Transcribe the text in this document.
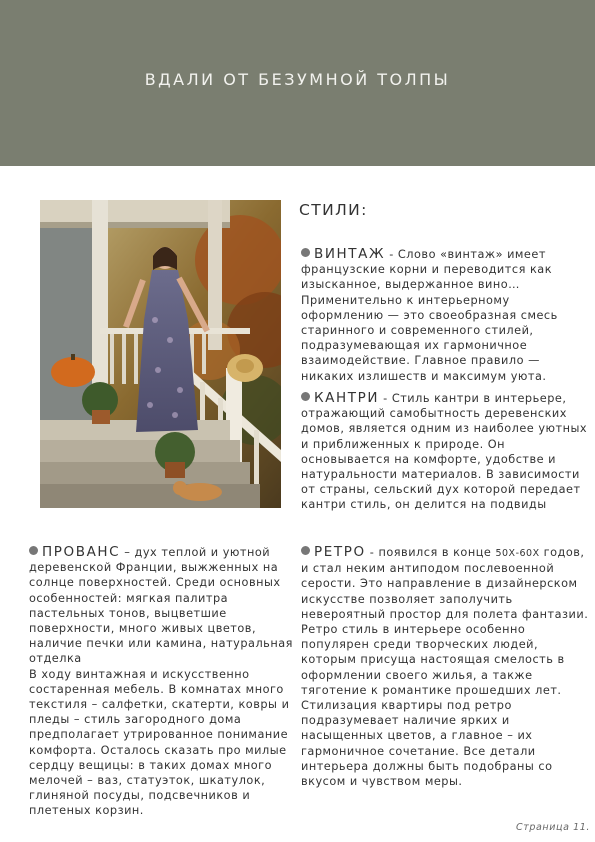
ВДАЛИ ОТ БЕЗУМНОЙ ТОЛПЫ
СТИЛИ:
ВИНТАЖ - Слово «винтаж» имеет французские корни и переводится как изысканное, выдержанное вино… Применительно к интерьерному оформлению — это своеобразная смесь старинного и современного стилей, подразумевающая их гармоничное взаимодействие. Главное правило — никаких излишеств и максимум уюта.
КАНТРИ - Стиль кантри в интерьере, отражающий самобытность деревенских домов, является одним из наиболее уютных и приближенных к природе. Он основывается на комфорте, удобстве и натуральности материалов. В зависимости от страны, сельский дух которой передает кантри стиль, он делится на подвиды
ПРОВАНС – дух теплой и уютной деревенской Франции, выжженных на солнце поверхностей. Среди основных особенностей: мягкая палитра пастельных тонов, выцветшие поверхности, много живых цветов, наличие печки или камина, натуральная отделка
В ходу винтажная и искусственно состаренная мебель. В комнатах много текстиля – салфетки, скатерти, ковры и пледы – стиль загородного дома предполагает утрированное понимание комфорта. Осталось сказать про милые сердцу вещицы: в таких домах много мелочей – ваз, статуэток, шкатулок, глиняной посуды, подсвечников и плетеных корзин.
РЕТРО - появился в конце 50Х-60Х годов, и стал неким антиподом послевоенной серости. Это направление в дизайнерском искусстве позволяет заполучить невероятный простор для полета фантазии. Ретро стиль в интерьере особенно популярен среди творческих людей, которым присуща настоящая смелость в оформлении своего жилья, а также тяготение к романтике прошедших лет. Стилизация квартиры под ретро подразумевает наличие ярких и насыщенных цветов, а главное – их гармоничное сочетание. Все детали интерьера должны быть подобраны со вкусом и чувством меры.
Страница 11.
